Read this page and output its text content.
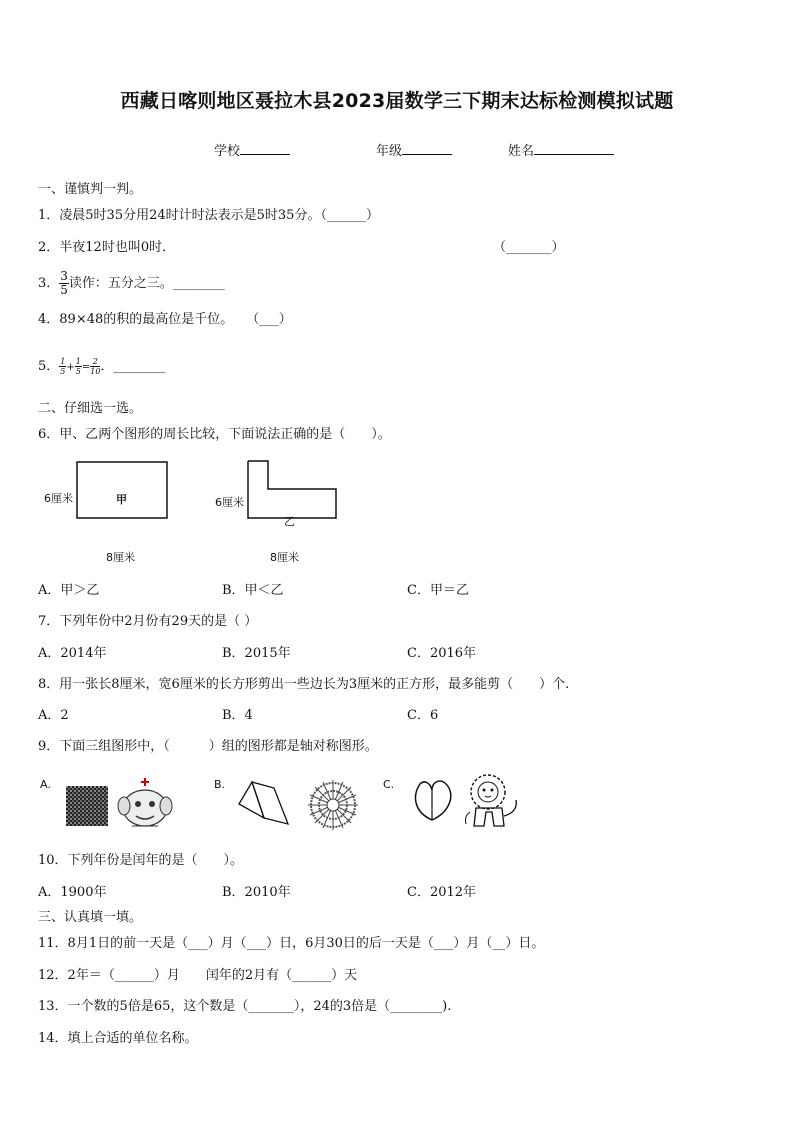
西藏日喀则地区聂拉木县2023届数学三下期末达标检测模拟试题
学校	年级	姓名
一、谨慎判一判。
1．凌晨5时35分用24时计时法表示是5时35分。（______）
2．半夜12时也叫0时．	（_______）
3． $\frac{3}{5}$ 读作：五分之三。________
4．89×48的积的最高位是千位。　　（___）
5． $\frac{1}{5} + \frac{1}{5} = \frac{2}{10}$ ．________
二、仔细选一选。
6．甲、乙两个图形的周长比较，下面说法正确的是（　　）。
6厘米	甲
8厘米
6厘米
乙
8厘米
A．甲＞乙	B．甲＜乙	C．甲＝乙
7．下列年份中2月份有29天的是（ ）
A．2014年	B．2015年	C．2016年
8．用一张长8厘米，宽6厘米的长方形剪出一些边长为3厘米的正方形，最多能剪（　　）个.
A．2	B．4	C．6
9．下面三组图形中，（　　　）组的图形都是轴对称图形。
A.	B.	C.
10．下列年份是闰年的是（　　）。
A．1900年	B．2010年	C．2012年
三、认真填一填。
11．8月1日的前一天是（___）月（___）日，6月30日的后一天是（___）月（__）日。
12．2年＝（______）月　　闰年的2月有（______）天
13．一个数的5倍是65，这个数是（_______），24的3倍是（________).
14．填上合适的单位名称。
